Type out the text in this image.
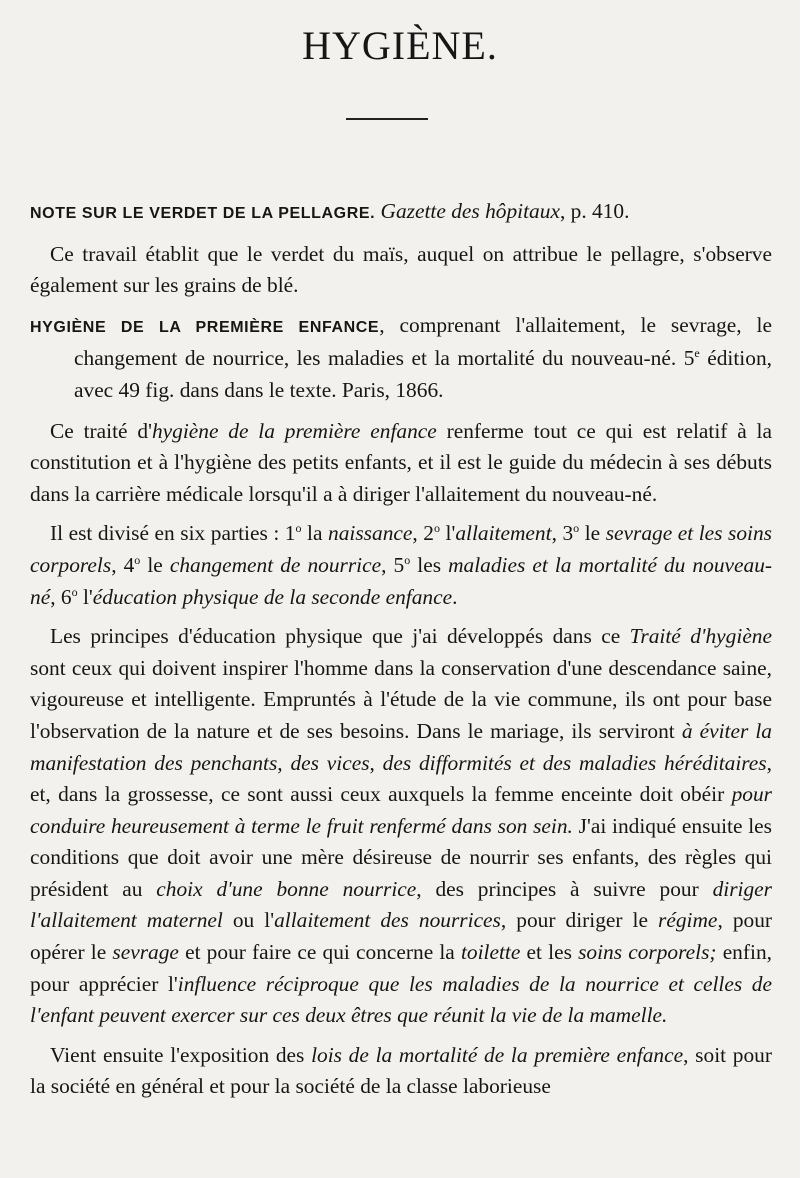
HYGIÈNE.

NOTE SUR LE VERDET DE LA PELLAGRE. Gazette des hôpitaux, p. 410.

Ce travail établit que le verdet du maïs, auquel on attribue le pellagre, s'observe également sur les grains de blé.

HYGIÈNE DE LA PREMIÈRE ENFANCE, comprenant l'allaitement, le sevrage, le changement de nourrice, les maladies et la mortalité du nouveau-né. 5e édition, avec 49 fig. dans dans le texte. Paris, 1866.

Ce traité d'hygiène de la première enfance renferme tout ce qui est relatif à la constitution et à l'hygiène des petits enfants, et il est le guide du médecin à ses débuts dans la carrière médicale lorsqu'il a à diriger l'allaitement du nouveau-né.

Il est divisé en six parties : 1$^o$ la naissance, 2$^o$ l'allaitement, 3$^o$ le sevrage et les soins corporels, 4$^o$ le changement de nourrice, 5$^o$ les maladies et la mortalité du nouveau-né, 6$^o$ l'éducation physique de la seconde enfance.

Les principes d'éducation physique que j'ai développés dans ce Traité d'hygiène sont ceux qui doivent inspirer l'homme dans la conservation d'une descendance saine, vigoureuse et intelligente. Empruntés à l'étude de la vie commune, ils ont pour base l'observation de la nature et de ses besoins. Dans le mariage, ils serviront à éviter la manifestation des penchants, des vices, des difformités et des maladies héréditaires, et, dans la grossesse, ce sont aussi ceux auxquels la femme enceinte doit obéir pour conduire heureusement à terme le fruit renfermé dans son sein. J'ai indiqué ensuite les conditions que doit avoir une mère désireuse de nourrir ses enfants, des règles qui président au choix d'une bonne nourrice, des principes à suivre pour diriger l'allaitement maternel ou l'allaitement des nourrices, pour diriger le régime, pour opérer le sevrage et pour faire ce qui concerne la toilette et les soins corporels; enfin, pour apprécier l'influence réciproque que les maladies de la nourrice et celles de l'enfant peuvent exercer sur ces deux êtres que réunit la vie de la mamelle.

Vient ensuite l'exposition des lois de la mortalité de la première enfance, soit pour la société en général et pour la société de la classe laborieuse
